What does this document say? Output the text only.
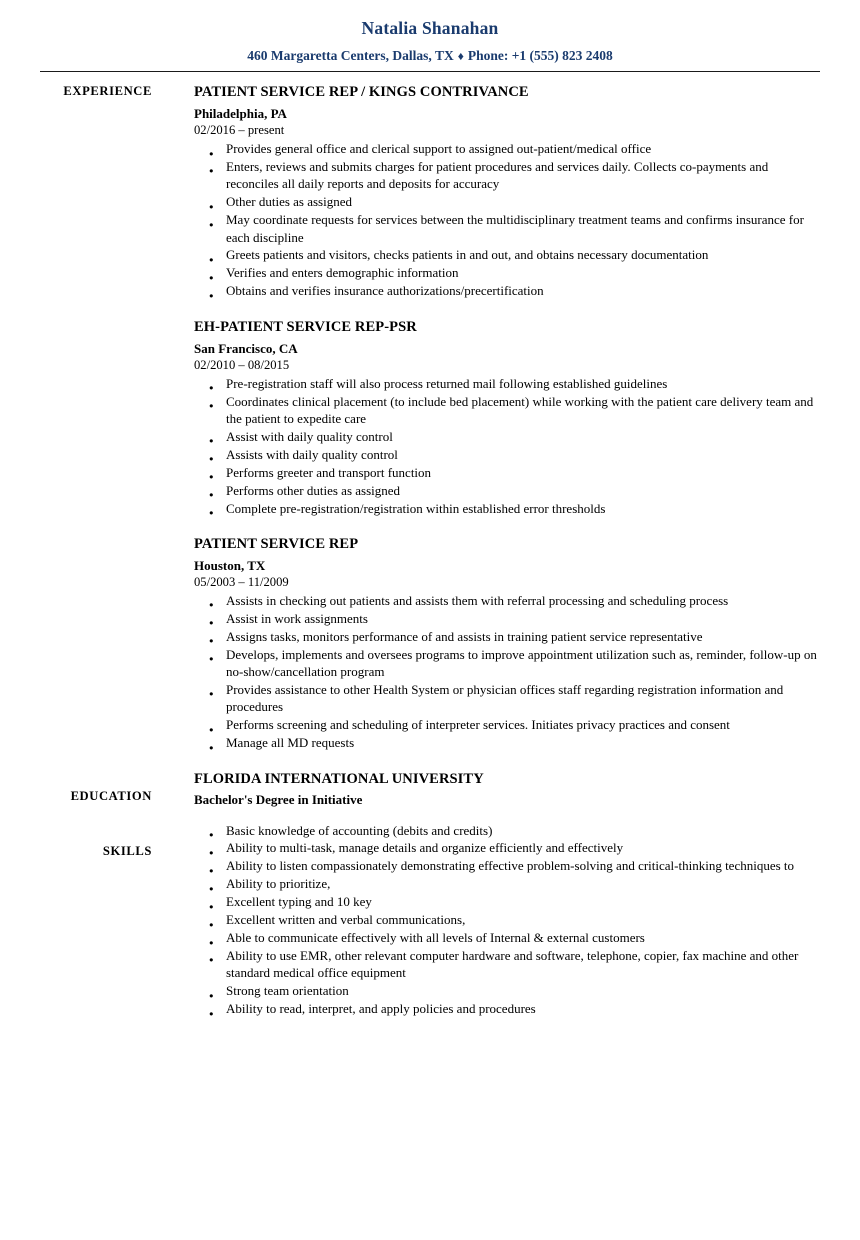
Natalia Shanahan
460 Margaretta Centers, Dallas, TX ♦ Phone: +1 (555) 823 2408
EXPERIENCE
EDUCATION
SKILLS
PATIENT SERVICE REP / KINGS CONTRIVANCE
Philadelphia, PA
02/2016 – present
● Provides general office and clerical support to assigned out-patient/medical office
● Enters, reviews and submits charges for patient procedures and services daily. Collects co-payments and reconciles all daily reports and deposits for accuracy
● Other duties as assigned
● May coordinate requests for services between the multidisciplinary treatment teams and confirms insurance for each discipline
● Greets patients and visitors, checks patients in and out, and obtains necessary documentation
● Verifies and enters demographic information
● Obtains and verifies insurance authorizations/precertification
EH-PATIENT SERVICE REP-PSR
San Francisco, CA
02/2010 – 08/2015
● Pre-registration staff will also process returned mail following established guidelines
● Coordinates clinical placement (to include bed placement) while working with the patient care delivery team and the patient to expedite care
● Assist with daily quality control
● Assists with daily quality control
● Performs greeter and transport function
● Performs other duties as assigned
● Complete pre-registration/registration within established error thresholds
PATIENT SERVICE REP
Houston, TX
05/2003 – 11/2009
● Assists in checking out patients and assists them with referral processing and scheduling process
● Assist in work assignments
● Assigns tasks, monitors performance of and assists in training patient service representative
● Develops, implements and oversees programs to improve appointment utilization such as, reminder, follow-up on no-show/cancellation program
● Provides assistance to other Health System or physician offices staff regarding registration information and procedures
● Performs screening and scheduling of interpreter services. Initiates privacy practices and consent
● Manage all MD requests
FLORIDA INTERNATIONAL UNIVERSITY
Bachelor's Degree in Initiative
● Basic knowledge of accounting (debits and credits)
● Ability to multi-task, manage details and organize efficiently and effectively
● Ability to listen compassionately demonstrating effective problem-solving and critical-thinking techniques to
● Ability to prioritize,
● Excellent typing and 10 key
● Excellent written and verbal communications,
● Able to communicate effectively with all levels of Internal & external customers
● Ability to use EMR, other relevant computer hardware and software, telephone, copier, fax machine and other standard medical office equipment
● Strong team orientation
● Ability to read, interpret, and apply policies and procedures
